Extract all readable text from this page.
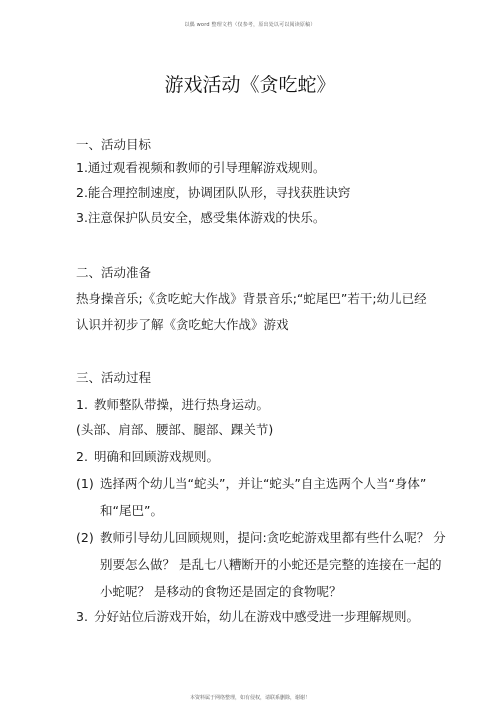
以偶 word 整理文档（仅参考，原出处以可以阅读原稿）
游戏活动《贪吃蛇》
一、活动目标
1.通过观看视频和教师的引导理解游戏规则。
2.能合理控制速度，协调团队队形，寻找获胜诀窍
3.注意保护队员安全，感受集体游戏的快乐。
二、活动准备
热身操音乐;《贪吃蛇大作战》背景音乐;“蛇尾巴”若干;幼儿已经
认识并初步了解《贪吃蛇大作战》游戏
三、活动过程
1. 教师整队带操，进行热身运动。
(头部、肩部、腰部、腿部、踝关节)
2. 明确和回顾游戏规则。
(1) 选择两个幼儿当“蛇头”，并让“蛇头”自主选两个人当“身体”
和“尾巴”。
(2) 教师引导幼儿回顾规则，提问:贪吃蛇游戏里都有些什么呢？ 分
别要怎么做？ 是乱七八糟断开的小蛇还是完整的连接在一起的
小蛇呢？ 是移动的食物还是固定的食物呢？
3. 分好站位后游戏开始，幼儿在游戏中感受进一步理解规则。
本资料属于网络整理，如有侵权，请联系删除，谢谢！
